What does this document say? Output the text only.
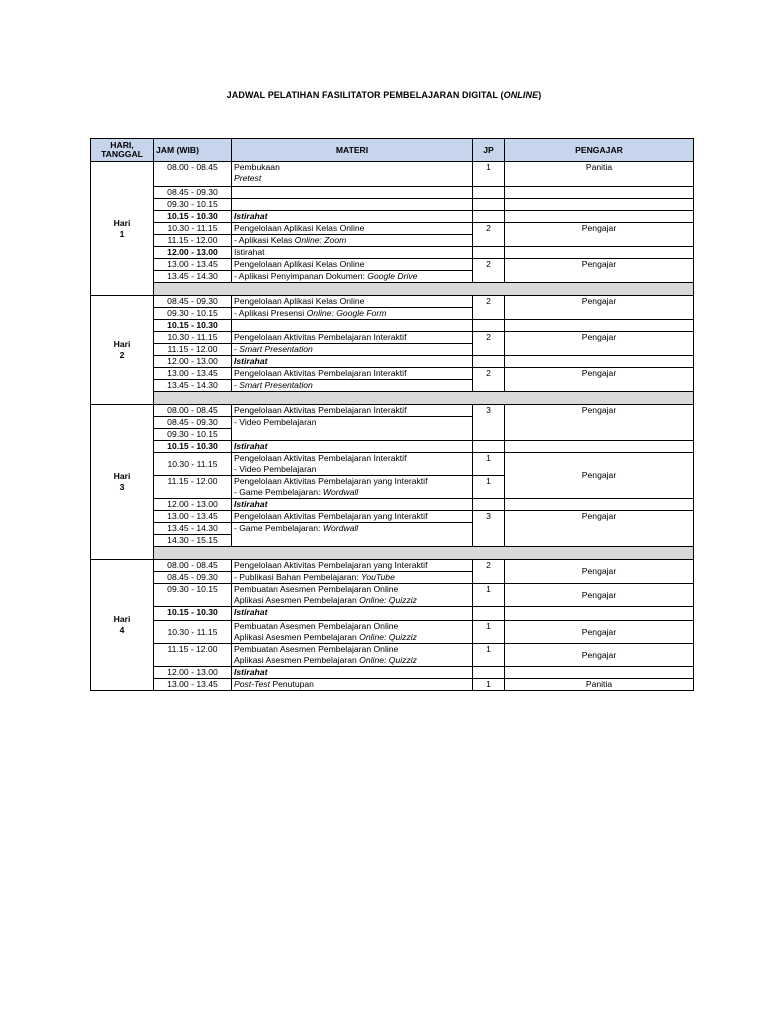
JADWAL PELATIHAN FASILITATOR PEMBELAJARAN DIGITAL (ONLINE)
HARI,
TANGGAL	JAM (WIB)	MATERI	JP	PENGAJAR

Hari
1	08.00 - 08.45	Pembukaan
Pretest	1	Panitia
	08.45 - 09.30			
	09.30 - 10.15			
	10.15 - 10.30	Istirahat		
	10.30 - 11.15	Pengelolaan Aplikasi Kelas Online	2	Pengajar
	11.15 - 12.00	- Aplikasi Kelas Online: Zoom		
	12.00 - 13.00	Istirahat		
	13.00 - 13.45	Pengelolaan Aplikasi Kelas Online	2	Pengajar
	13.45 - 14.30	- Aplikasi Penyimpanan Dokumen: Google Drive		

Hari
2	08.45 - 09.30	Pengelolaan Aplikasi Kelas Online	2	Pengajar
	09.30 - 10.15	- Aplikasi Presensi Online: Google Form		
	10.15 - 10.30			
	10.30 - 11.15	Pengelolaan Aktivitas Pembelajaran Interaktif	2	Pengajar
	11.15 - 12.00	- Smart Presentation		
	12.00 - 13.00	Istirahat		
	13.00 - 13.45	Pengelolaan Aktivitas Pembelajaran Interaktif	2	Pengajar
	13.45 - 14.30	- Smart Presentation		

Hari
3	08.00 - 08.45	Pengelolaan Aktivitas Pembelajaran Interaktif	3	Pengajar
	08.45 - 09.30	- Video Pembelajaran		
	09.30 - 10.15			
	10.15 - 10.30	Istirahat		
	10.30 - 11.15	Pengelolaan Aktivitas Pembelajaran Interaktif
- Video Pembelajaran	1	Pengajar
	11.15 - 12.00	Pengelolaan Aktivitas Pembelajaran yang Interaktif
- Game Pembelajaran: Wordwall	1	
	12.00 - 13.00	Istirahat		
	13.00 - 13.45	Pengelolaan Aktivitas Pembelajaran yang Interaktif	3	Pengajar
	13.45 - 14.30	- Game Pembelajaran: Wordwall		
	14.30 - 15.15			

Hari
4	08.00 - 08.45	Pengelolaan Aktivitas Pembelajaran yang Interaktif	2	Pengajar
	08.45 - 09.30	- Publikasi Bahan Pembelajaran: YouTube		
	09.30 - 10.15	Pembuatan Asesmen Pembelajaran Online
Aplikasi Asesmen Pembelajaran Online: Quizziz	1	Pengajar
	10.15 - 10.30	Istirahat		
	10.30 - 11.15	Pembuatan Asesmen Pembelajaran Online
Aplikasi Asesmen Pembelajaran Online: Quizziz	1	Pengajar
	11.15 - 12.00	Pembuatan Asesmen Pembelajaran Online
Aplikasi Asesmen Pembelajaran Online: Quizziz	1	Pengajar
	12.00 - 13.00	Istirahat		
	13.00 - 13.45	Post-Test Penutupan	1	Panitia
